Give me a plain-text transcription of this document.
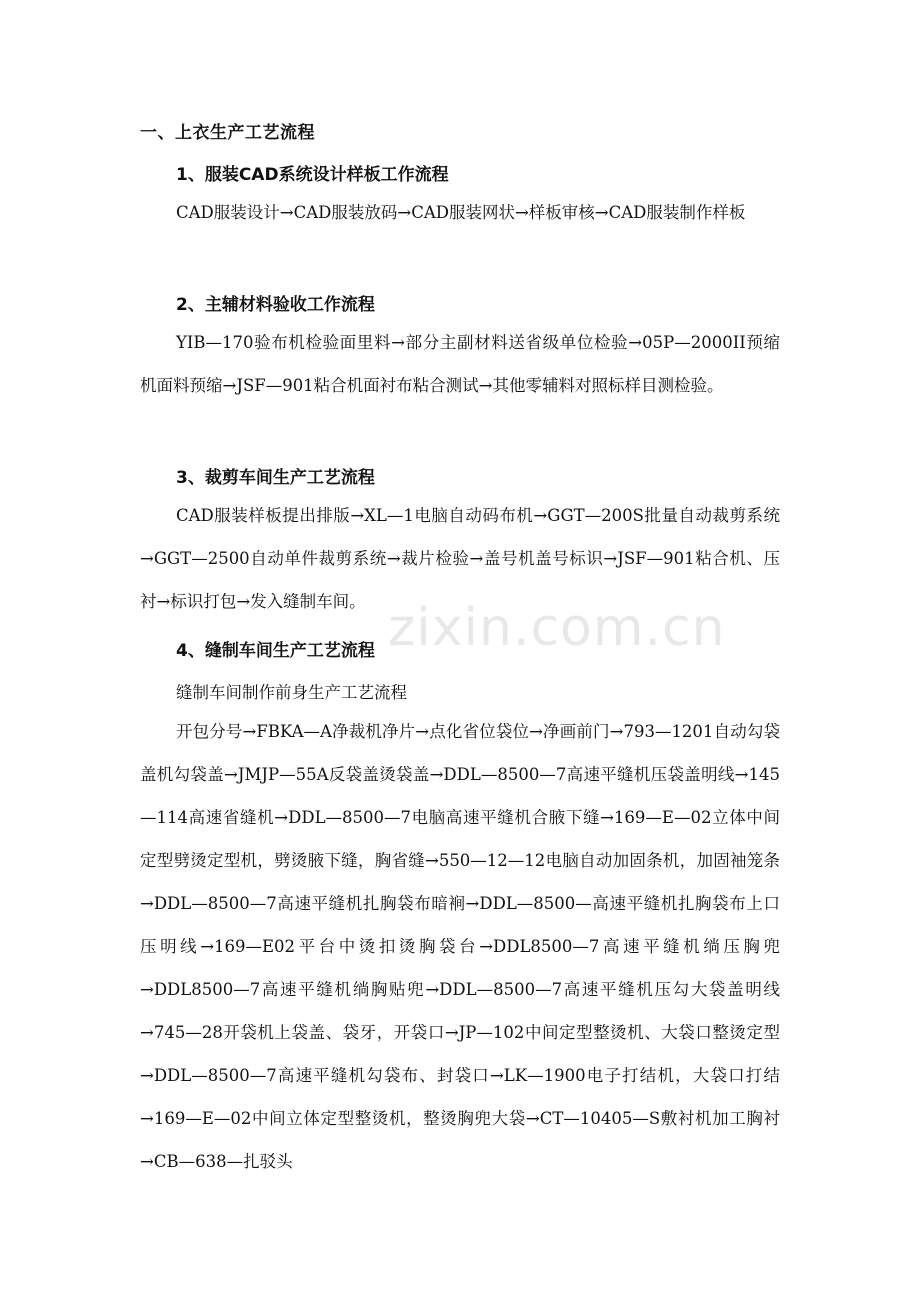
一、上衣生产工艺流程
1、服装CAD系统设计样板工作流程
CAD服装设计→CAD服装放码→CAD服装网状→样板审核→CAD服装制作样板
2、主辅材料验收工作流程
YIB—170验布机检验面里料→部分主副材料送省级单位检验→05P—2000II预缩机面料预缩→JSF—901粘合机面衬布粘合测试→其他零辅料对照标样目测检验。
3、裁剪车间生产工艺流程
CAD服装样板提出排版→XL—1电脑自动码布机→GGT—200S批量自动裁剪系统→GGT—2500自动单件裁剪系统→裁片检验→盖号机盖号标识→JSF—901粘合机、压衬→标识打包→发入缝制车间。
4、缝制车间生产工艺流程
缝制车间制作前身生产工艺流程
开包分号→FBKA—A净裁机净片→点化省位袋位→净画前门→793—1201自动勾袋盖机勾袋盖→JMJP—55A反袋盖烫袋盖→DDL—8500—7高速平缝机压袋盖明线→145—114高速省缝机→DDL—8500—7电脑高速平缝机合腋下缝→169—E—02立体中间定型劈烫定型机，劈烫腋下缝，胸省缝→550—12—12电脑自动加固条机，加固袖笼条→DDL—8500—7高速平缝机扎胸袋布暗裥→DDL—8500—高速平缝机扎胸袋布上口压明线→169—E02平台中烫扣烫胸袋台→DDL8500—7高速平缝机绱压胸兜→DDL8500—7高速平缝机绱胸贴兜→DDL—8500—7高速平缝机压勾大袋盖明线→745—28开袋机上袋盖、袋牙，开袋口→JP—102中间定型整烫机、大袋口整烫定型→DDL—8500—7高速平缝机勾袋布、封袋口→LK—1900电子打结机，大袋口打结→169—E—02中间立体定型整烫机，整烫胸兜大袋→CT—10405—S敷衬机加工胸衬→CB—638—扎驳头
zixin.com.cn
